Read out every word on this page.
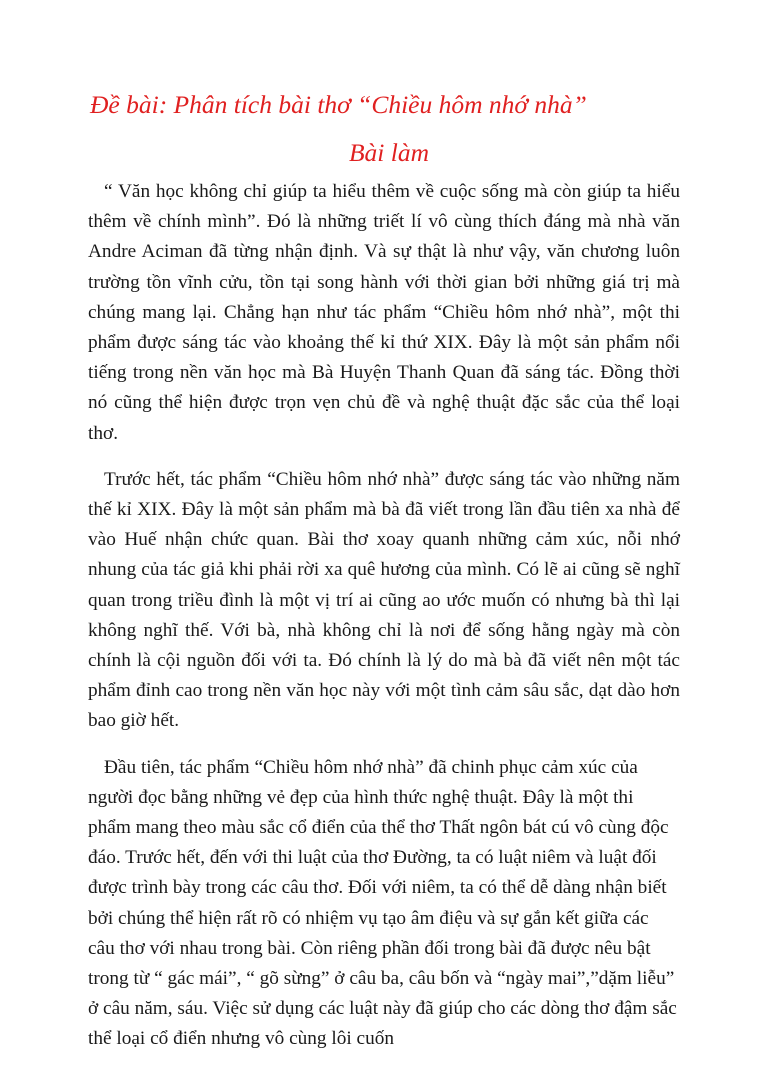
Đề bài: Phân tích bài thơ “Chiều hôm nhớ nhà”
Bài làm

“ Văn học không chỉ giúp ta hiểu thêm về cuộc sống mà còn giúp ta hiểu thêm về chính mình”. Đó là những triết lí vô cùng thích đáng mà nhà văn Andre Aciman đã từng nhận định. Và sự thật là như vậy, văn chương luôn trường tồn vĩnh cửu, tồn tại song hành với thời gian bởi những giá trị mà chúng mang lại. Chẳng hạn như tác phẩm “Chiều hôm nhớ nhà”, một thi phẩm được sáng tác vào khoảng thế kỉ thứ XIX. Đây là một sản phẩm nổi tiếng trong nền văn học mà Bà Huyện Thanh Quan đã sáng tác. Đồng thời nó cũng thể hiện được trọn vẹn chủ đề và nghệ thuật đặc sắc của thể loại thơ.

Trước hết, tác phẩm “Chiều hôm nhớ nhà” được sáng tác vào những năm thế kỉ XIX. Đây là một sản phẩm mà bà đã viết trong lần đầu tiên xa nhà để vào Huế nhận chức quan. Bài thơ xoay quanh những cảm xúc, nỗi nhớ nhung của tác giả khi phải rời xa quê hương của mình. Có lẽ ai cũng sẽ nghĩ quan trong triều đình là một vị trí ai cũng ao ước muốn có nhưng bà thì lại không nghĩ thế. Với bà, nhà không chỉ là nơi để sống hằng ngày mà còn chính là cội nguồn đối với ta. Đó chính là lý do mà bà đã viết nên một tác phẩm đỉnh cao trong nền văn học này với một tình cảm sâu sắc, dạt dào hơn bao giờ hết.

Đầu tiên, tác phẩm “Chiều hôm nhớ nhà” đã chinh phục cảm xúc của người đọc bằng những vẻ đẹp của hình thức nghệ thuật. Đây là một thi phẩm mang theo màu sắc cổ điển của thể thơ Thất ngôn bát cú vô cùng độc đáo. Trước hết, đến với thi luật của thơ Đường, ta có luật niêm và luật đối được trình bày trong các câu thơ. Đối với niêm, ta có thể dễ dàng nhận biết bởi chúng thể hiện rất rõ có nhiệm vụ tạo âm điệu và sự gắn kết giữa các câu thơ với nhau trong bài. Còn riêng phần đối trong bài đã được nêu bật trong từ “ gác mái”, “ gõ sừng” ở câu ba, câu bốn và “ngày mai”,”dặm liễu” ở câu năm, sáu. Việc sử dụng các luật này đã giúp cho các dòng thơ đậm sắc thể loại cổ điển nhưng vô cùng lôi cuốn
